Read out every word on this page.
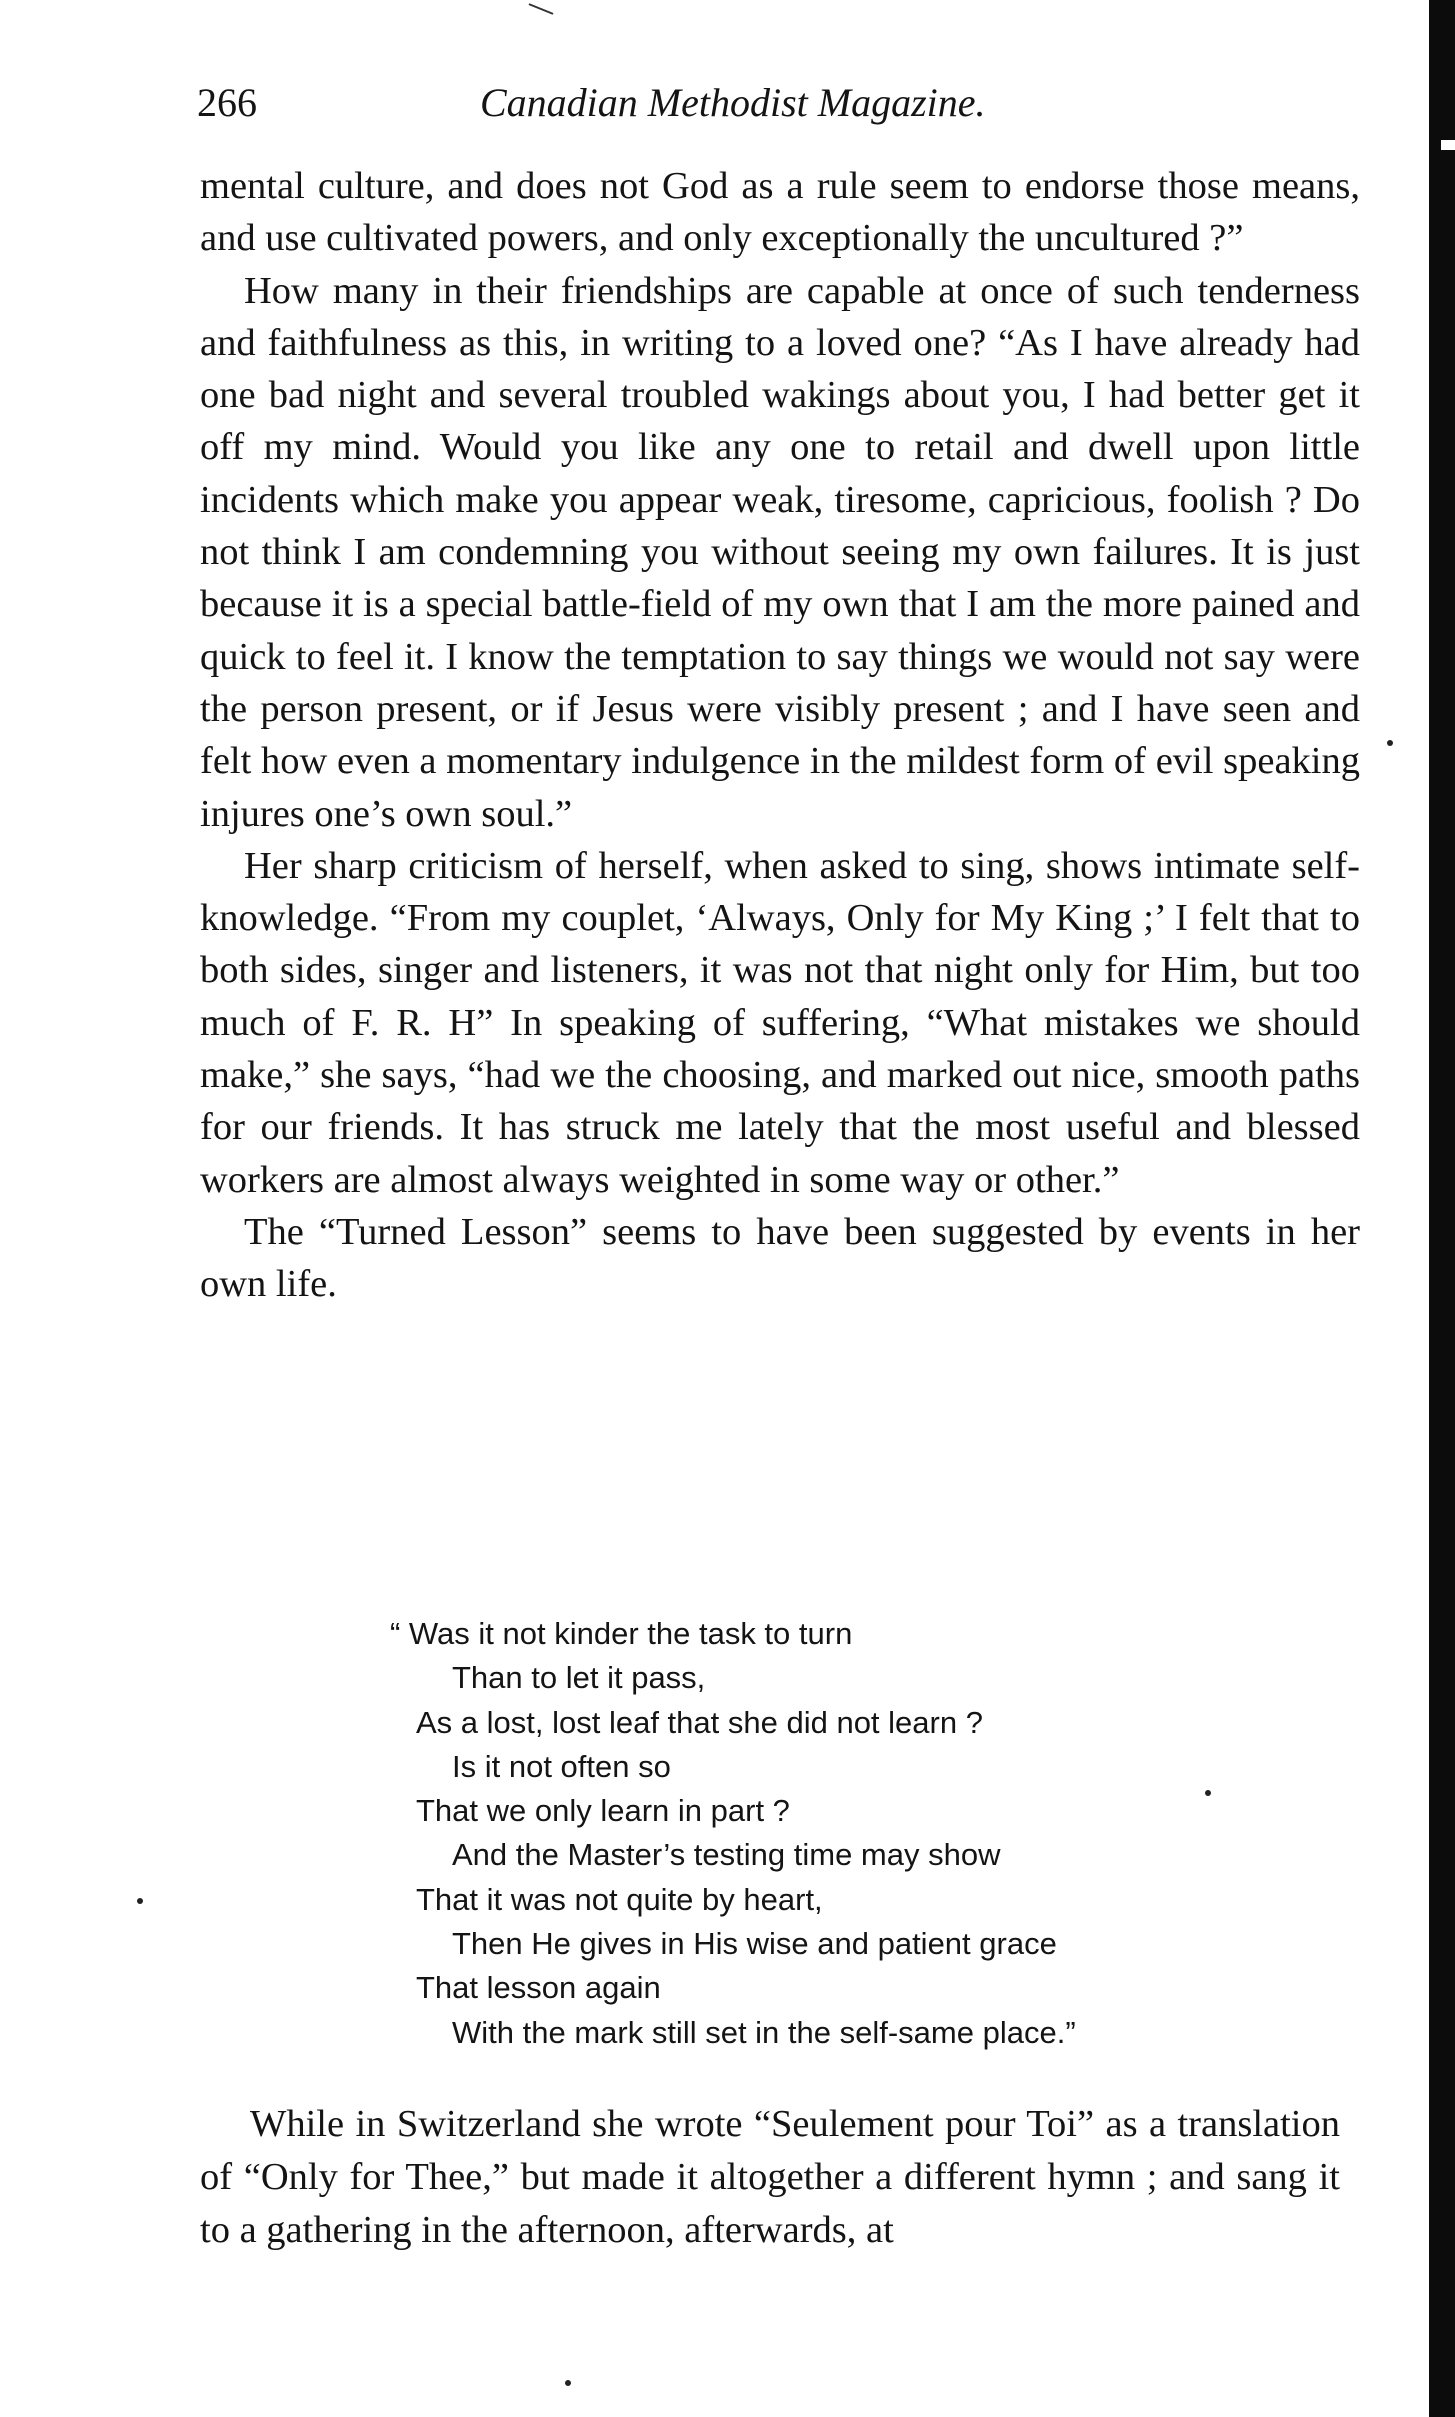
266	Canadian Methodist Magazine.

mental culture, and does not God as a rule seem to endorse those means, and use cultivated powers, and only exceptionally the uncultured ?”

How many in their friendships are capable at once of such tenderness and faithfulness as this, in writing to a loved one? “As I have already had one bad night and several troubled wakings about you, I had better get it off my mind. Would you like any one to retail and dwell upon little incidents which make you appear weak, tiresome, capricious, foolish ? Do not think I am condemning you without seeing my own failures. It is just because it is a special battle-field of my own that I am the more pained and quick to feel it. I know the temptation to say things we would not say were the person present, or if Jesus were visibly present ; and I have seen and felt how even a momentary indulgence in the mildest form of evil speaking injures one’s own soul.”

Her sharp criticism of herself, when asked to sing, shows intimate self-knowledge. “From my couplet, ‘Always, Only for My King ;’ I felt that to both sides, singer and listeners, it was not that night only for Him, but too much of F. R. H” In speaking of suffering, “What mistakes we should make,” she says, “had we the choosing, and marked out nice, smooth paths for our friends. It has struck me lately that the most useful and blessed workers are almost always weighted in some way or other.”

The “Turned Lesson” seems to have been suggested by events in her own life.

“ Was it not kinder the task to turn
Than to let it pass,
As a lost, lost leaf that she did not learn ?
Is it not often so
That we only learn in part ?
And the Master’s testing time may show
That it was not quite by heart,
Then He gives in His wise and patient grace
That lesson again
With the mark still set in the self-same place.”
While in Switzerland she wrote “Seulement pour Toi” as a translation of “Only for Thee,” but made it altogether a different hymn ; and sang it to a gathering in the afternoon, afterwards, at
